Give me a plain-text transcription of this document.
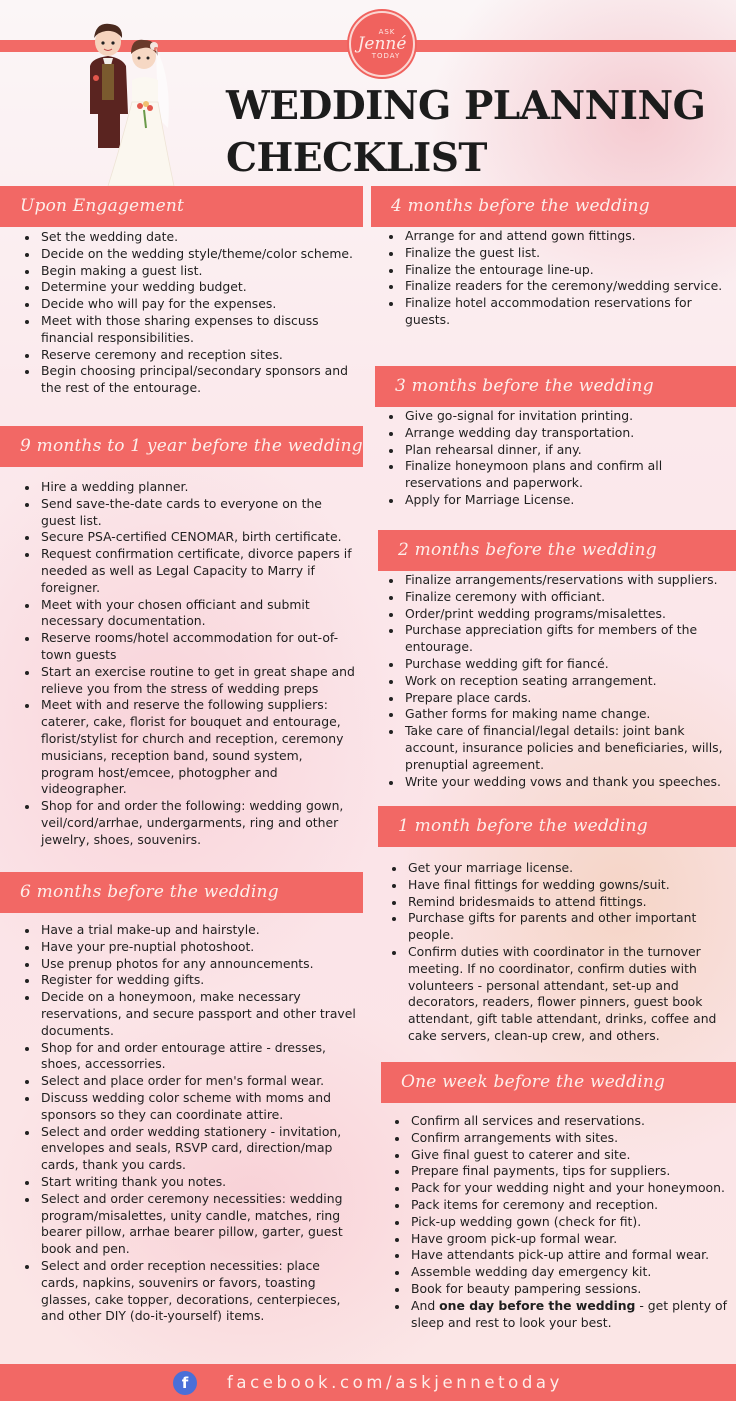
ASK
Jenné
TODAY
WEDDING PLANNING
CHECKLIST
Upon Engagement
Set the wedding date.
Decide on the wedding style/theme/color scheme.
Begin making a guest list.
Determine your wedding budget.
Decide who will pay for the expenses.
Meet with those sharing expenses to discuss financial responsibilities.
Reserve ceremony and reception sites.
Begin choosing principal/secondary sponsors and the rest of the entourage.
9 months to 1 year before the wedding
Hire a wedding planner.
Send save-the-date cards to everyone on the guest list.
Secure PSA-certified CENOMAR, birth certificate.
Request confirmation certificate, divorce papers if needed as well as Legal Capacity to Marry if foreigner.
Meet with your chosen officiant and submit necessary documentation.
Reserve rooms/hotel accommodation for out-of-town guests
Start an exercise routine to get in great shape and relieve you from the stress of wedding preps
Meet with and reserve the following suppliers: caterer, cake, florist for bouquet and entourage, florist/stylist for church and reception, ceremony musicians, reception band, sound system, program host/emcee, photogpher and videographer.
Shop for and order the following: wedding gown, veil/cord/arrhae, undergarments, ring and other jewelry, shoes, souvenirs.
6 months before the wedding
Have a trial make-up and hairstyle.
Have your pre-nuptial photoshoot.
Use prenup photos for any announcements.
Register for wedding gifts.
Decide on a honeymoon, make necessary reservations, and secure passport and other travel documents.
Shop for and order entourage attire - dresses, shoes, accessorries.
Select and place order for men's formal wear.
Discuss wedding color scheme with moms and sponsors so they can coordinate attire.
Select and order wedding stationery - invitation, envelopes and seals, RSVP card, direction/map cards, thank you cards.
Start writing thank you notes.
Select and order ceremony necessities: wedding program/misalettes, unity candle, matches, ring bearer pillow, arrhae bearer pillow, garter, guest book and pen.
Select and order reception necessities: place cards, napkins, souvenirs or favors, toasting glasses, cake topper, decorations, centerpieces, and other DIY (do-it-yourself) items.
4 months before the wedding
Arrange for and attend gown fittings.
Finalize the guest list.
Finalize the entourage line-up.
Finalize readers for the ceremony/wedding service.
Finalize hotel accommodation reservations for guests.
3 months before the wedding
Give go-signal for invitation printing.
Arrange wedding day transportation.
Plan rehearsal dinner, if any.
Finalize honeymoon plans and confirm all reservations and paperwork.
Apply for Marriage License.
2 months before the wedding
Finalize arrangements/reservations with suppliers.
Finalize ceremony with officiant.
Order/print wedding programs/misalettes.
Purchase appreciation gifts for members of the entourage.
Purchase wedding gift for fiancé.
Work on reception seating arrangement.
Prepare place cards.
Gather forms for making name change.
Take care of financial/legal details: joint bank account, insurance policies and beneficiaries, wills, prenuptial agreement.
Write your wedding vows and thank you speeches.
1 month before the wedding
Get your marriage license.
Have final fittings for wedding gowns/suit.
Remind bridesmaids to attend fittings.
Purchase gifts for parents and other important people.
Confirm duties with coordinator in the turnover meeting. If no coordinator, confirm duties with volunteers - personal attendant, set-up and decorators, readers, flower pinners, guest book attendant, gift table attendant, drinks, coffee and cake servers, clean-up crew, and others.
One week before the wedding
Confirm all services and reservations.
Confirm arrangements with sites.
Give final guest to caterer and site.
Prepare final payments, tips for suppliers.
Pack for your wedding night and your honeymoon.
Pack items for ceremony and reception.
Pick-up wedding gown (check for fit).
Have groom pick-up formal wear.
Have attendants pick-up attire and formal wear.
Assemble wedding day emergency kit.
Book for beauty pampering sessions.
And one day before the wedding - get plenty of sleep and rest to look your best.
f	facebook.com/askjennetoday
